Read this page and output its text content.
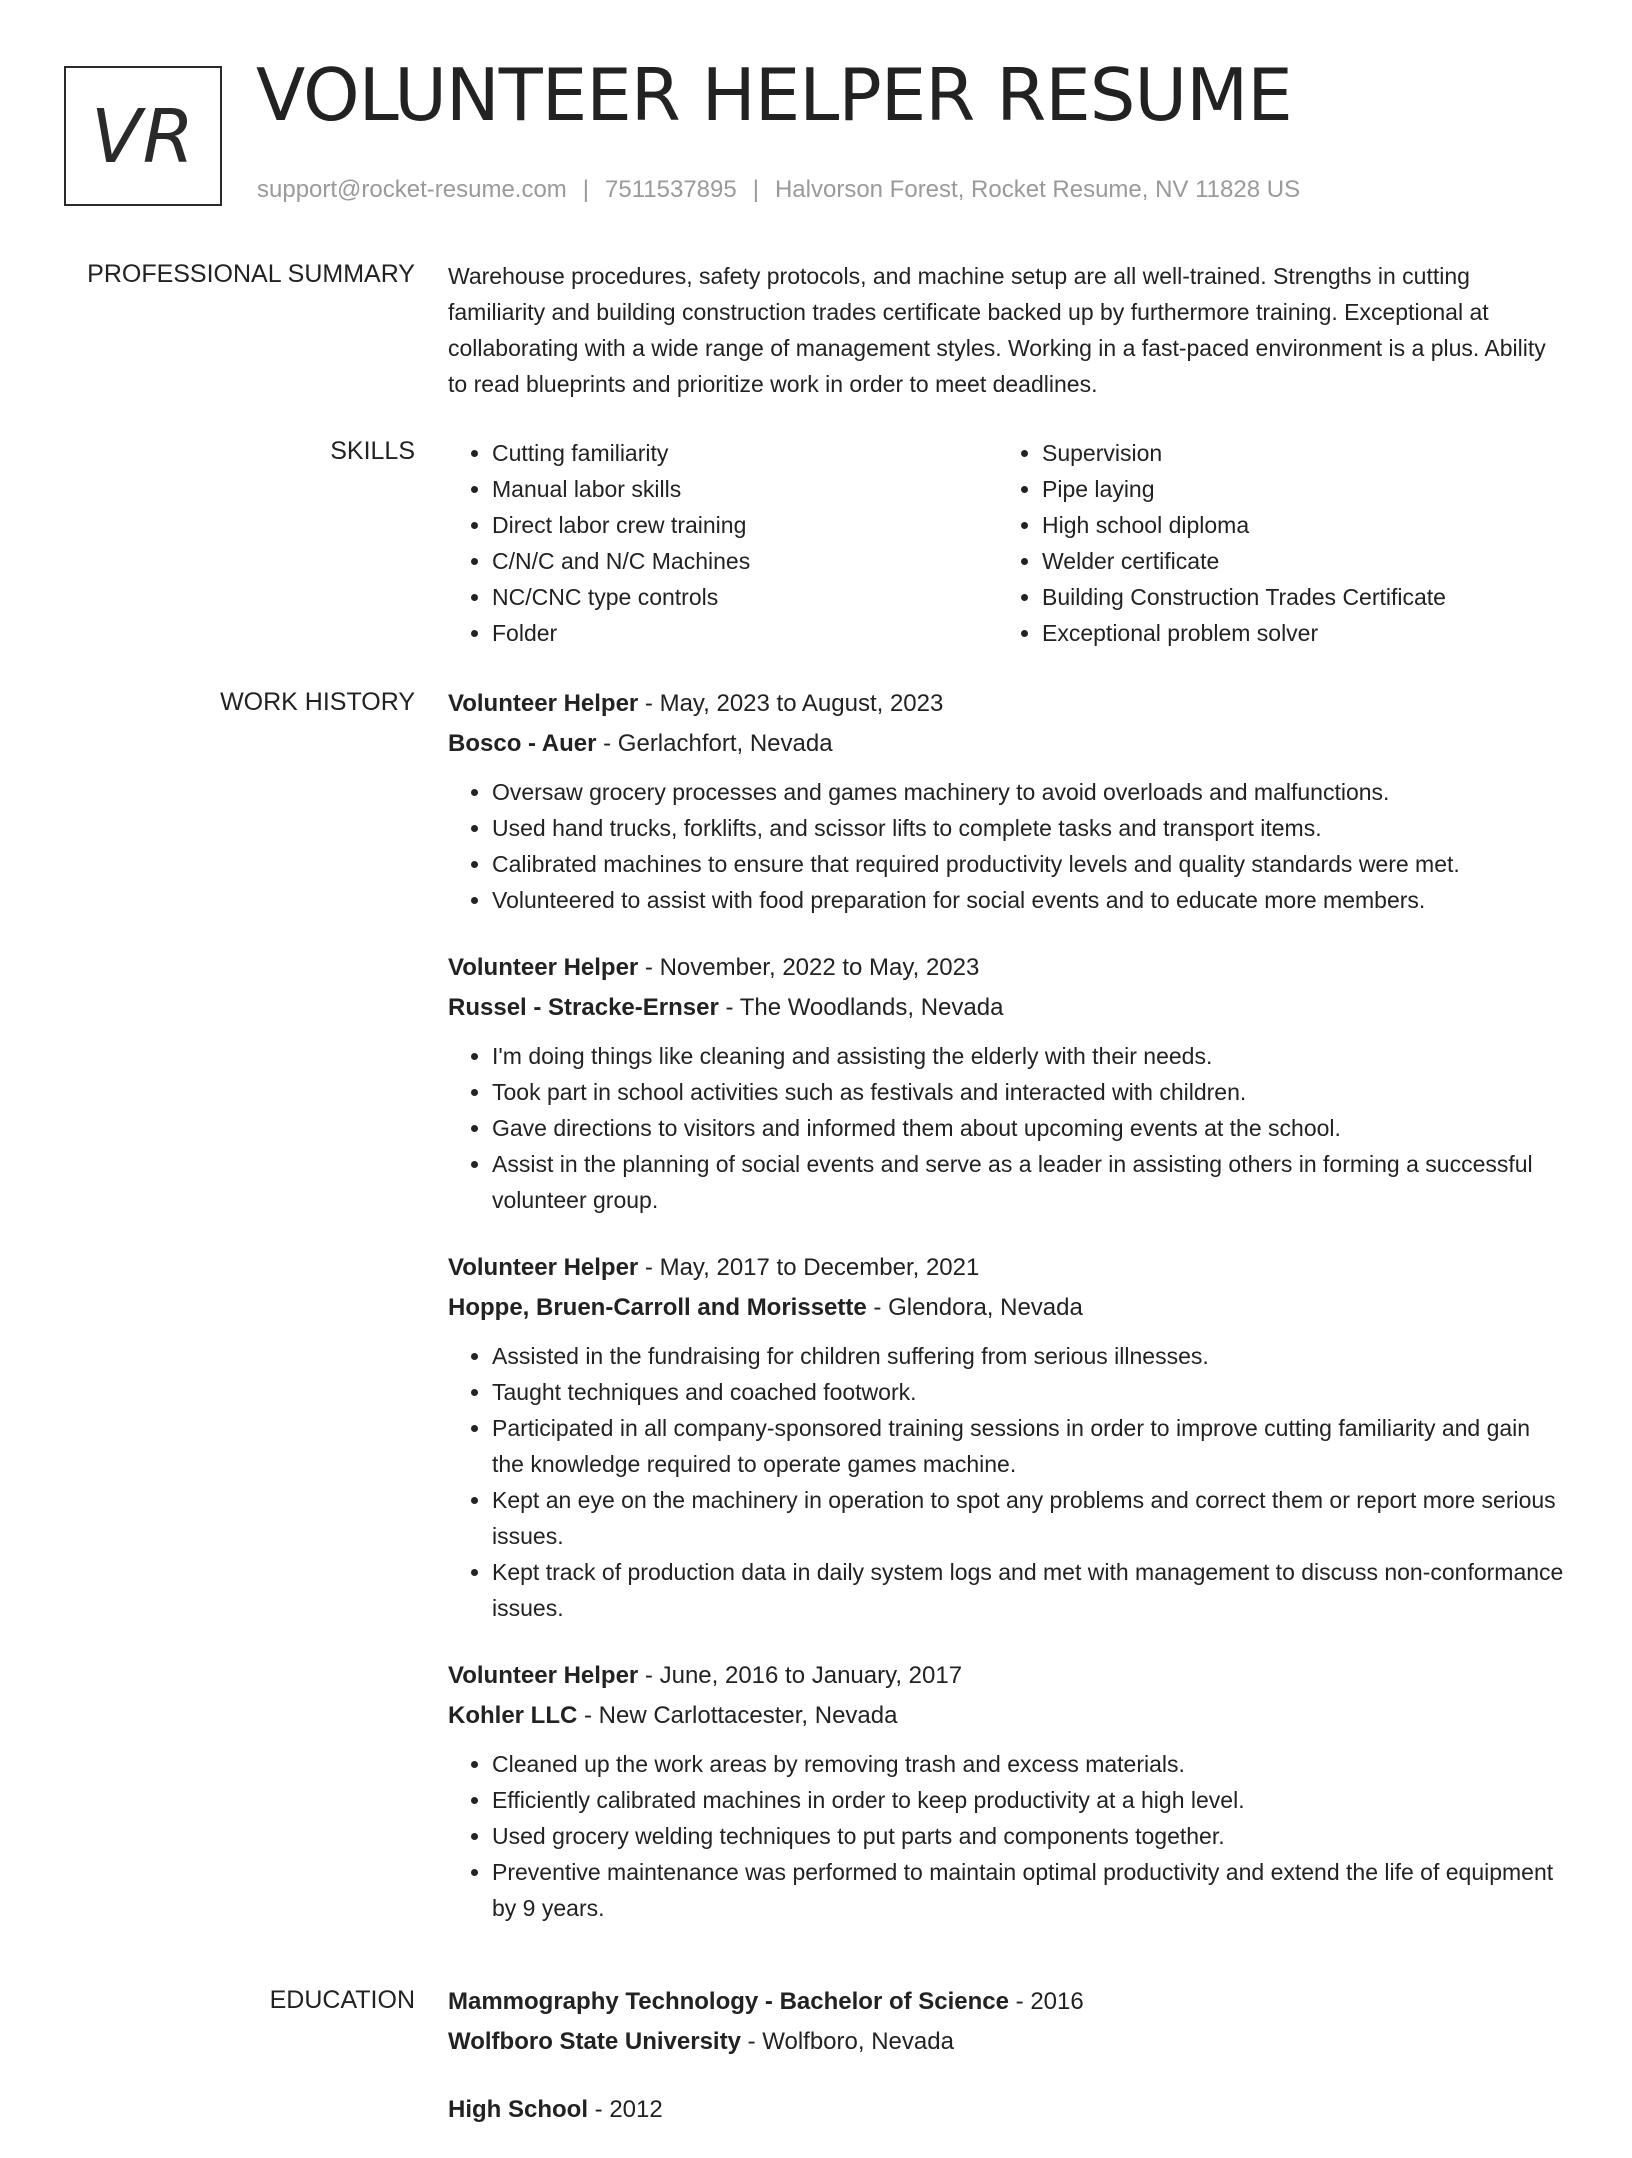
VR VOLUNTEER HELPER RESUME
support@rocket-resume.com | 7511537895 | Halvorson Forest, Rocket Resume, NV 11828 US
PROFESSIONAL SUMMARY Warehouse procedures, safety protocols, and machine setup are all well-trained. Strengths in cutting familiarity and building construction trades certificate backed up by furthermore training. Exceptional at collaborating with a wide range of management styles. Working in a fast-paced environment is a plus. Ability to read blueprints and prioritize work in order to meet deadlines.

SKILLS
•	Cutting familiarity
• Manual labor skills
• Direct labor crew training
• C/N/C and N/C Machines
• NC/CNC type controls
• Folder
• Supervision
• Pipe laying
• High school diploma
• Welder certificate
• Building Construction Trades Certificate
• Exceptional problem solver
WORK HISTORY Volunteer Helper - May, 2023 to August, 2023
Bosco - Auer - Gerlachfort, Nevada
• Oversaw grocery processes and games machinery to avoid overloads and malfunctions.
• Used hand trucks, forklifts, and scissor lifts to complete tasks and transport items.
• Calibrated machines to ensure that required productivity levels and quality standards were met.
• Volunteered to assist with food preparation for social events and to educate more members.
Volunteer Helper - November, 2022 to May, 2023
Russel - Stracke-Ernser - The Woodlands, Nevada
• I'm doing things like cleaning and assisting the elderly with their needs.
• Took part in school activities such as festivals and interacted with children.
• Gave directions to visitors and informed them about upcoming events at the school.
• Assist in the planning of social events and serve as a leader in assisting others in forming a successful volunteer group.
Volunteer Helper - May, 2017 to December, 2021
Hoppe, Bruen-Carroll and Morissette - Glendora, Nevada
• Assisted in the fundraising for children suffering from serious illnesses.
• Taught techniques and coached footwork.
• Participated in all company-sponsored training sessions in order to improve cutting familiarity and gain the knowledge required to operate games machine.
• Kept an eye on the machinery in operation to spot any problems and correct them or report more serious issues.
• Kept track of production data in daily system logs and met with management to discuss non-conformance issues.
Volunteer Helper - June, 2016 to January, 2017
Kohler LLC - New Carlottacester, Nevada
• Cleaned up the work areas by removing trash and excess materials.
• Efficiently calibrated machines in order to keep productivity at a high level.
• Used grocery welding techniques to put parts and components together.
• Preventive maintenance was performed to maintain optimal productivity and extend the life of equipment by 9 years.
EDUCATION Mammography Technology - Bachelor of Science - 2016
Wolfboro State University - Wolfboro, Nevada
High School - 2012
